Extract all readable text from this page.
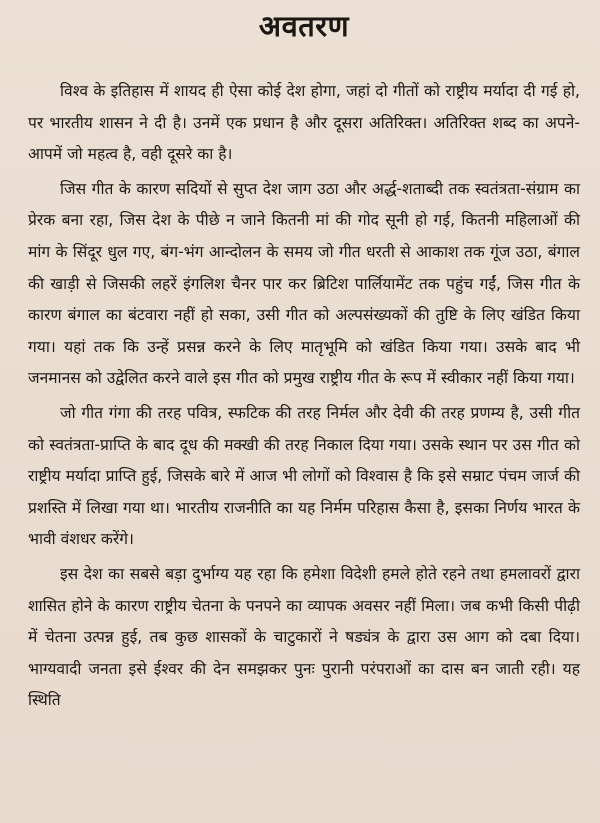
अवतरण

विश्व के इतिहास में शायद ही ऐसा कोई देश होगा, जहां दो गीतों को राष्ट्रीय मर्यादा दी गई हो, पर भारतीय शासन ने दी है। उनमें एक प्रधान है और दूसरा अतिरिक्त। अतिरिक्त शब्द का अपने-आपमें जो महत्व है, वही दूसरे का है।

जिस गीत के कारण सदियों से सुप्त देश जाग उठा और अर्द्ध-शताब्दी तक स्वतंत्रता-संग्राम का प्रेरक बना रहा, जिस देश के पीछे न जाने कितनी मां की गोद सूनी हो गई, कितनी महिलाओं की मांग के सिंदूर धुल गए, बंग-भंग आन्दोलन के समय जो गीत धरती से आकाश तक गूंज उठा, बंगाल की खाड़ी से जिसकी लहरें इंगलिश चैनर पार कर ब्रिटिश पार्लियामेंट तक पहुंच गईं, जिस गीत के कारण बंगाल का बंटवारा नहीं हो सका, उसी गीत को अल्पसंख्यकों की तुष्टि के लिए खंडित किया गया। यहां तक कि उन्हें प्रसन्न करने के लिए मातृभूमि को खंडित किया गया। उसके बाद भी जनमानस को उद्वेलित करने वाले इस गीत को प्रमुख राष्ट्रीय गीत के रूप में स्वीकार नहीं किया गया।

जो गीत गंगा की तरह पवित्र, स्फटिक की तरह निर्मल और देवी की तरह प्रणम्य है, उसी गीत को स्वतंत्रता-प्राप्ति के बाद दूध की मक्खी की तरह निकाल दिया गया। उसके स्थान पर उस गीत को राष्ट्रीय मर्यादा प्राप्ति हुई, जिसके बारे में आज भी लोगों को विश्वास है कि इसे सम्राट पंचम जार्ज की प्रशस्ति में लिखा गया था। भारतीय राजनीति का यह निर्मम परिहास कैसा है, इसका निर्णय भारत के भावी वंशधर करेंगे।

इस देश का सबसे बड़ा दुर्भाग्य यह रहा कि हमेशा विदेशी हमले होते रहने तथा हमलावरों द्वारा शासित होने के कारण राष्ट्रीय चेतना के पनपने का व्यापक अवसर नहीं मिला। जब कभी किसी पीढ़ी में चेतना उत्पन्न हुई, तब कुछ शासकों के चाटुकारों ने षड्यंत्र के द्वारा उस आग को दबा दिया। भाग्यवादी जनता इसे ईश्वर की देन समझकर पुनः पुरानी परंपराओं का दास बन जाती रही। यह स्थिति
